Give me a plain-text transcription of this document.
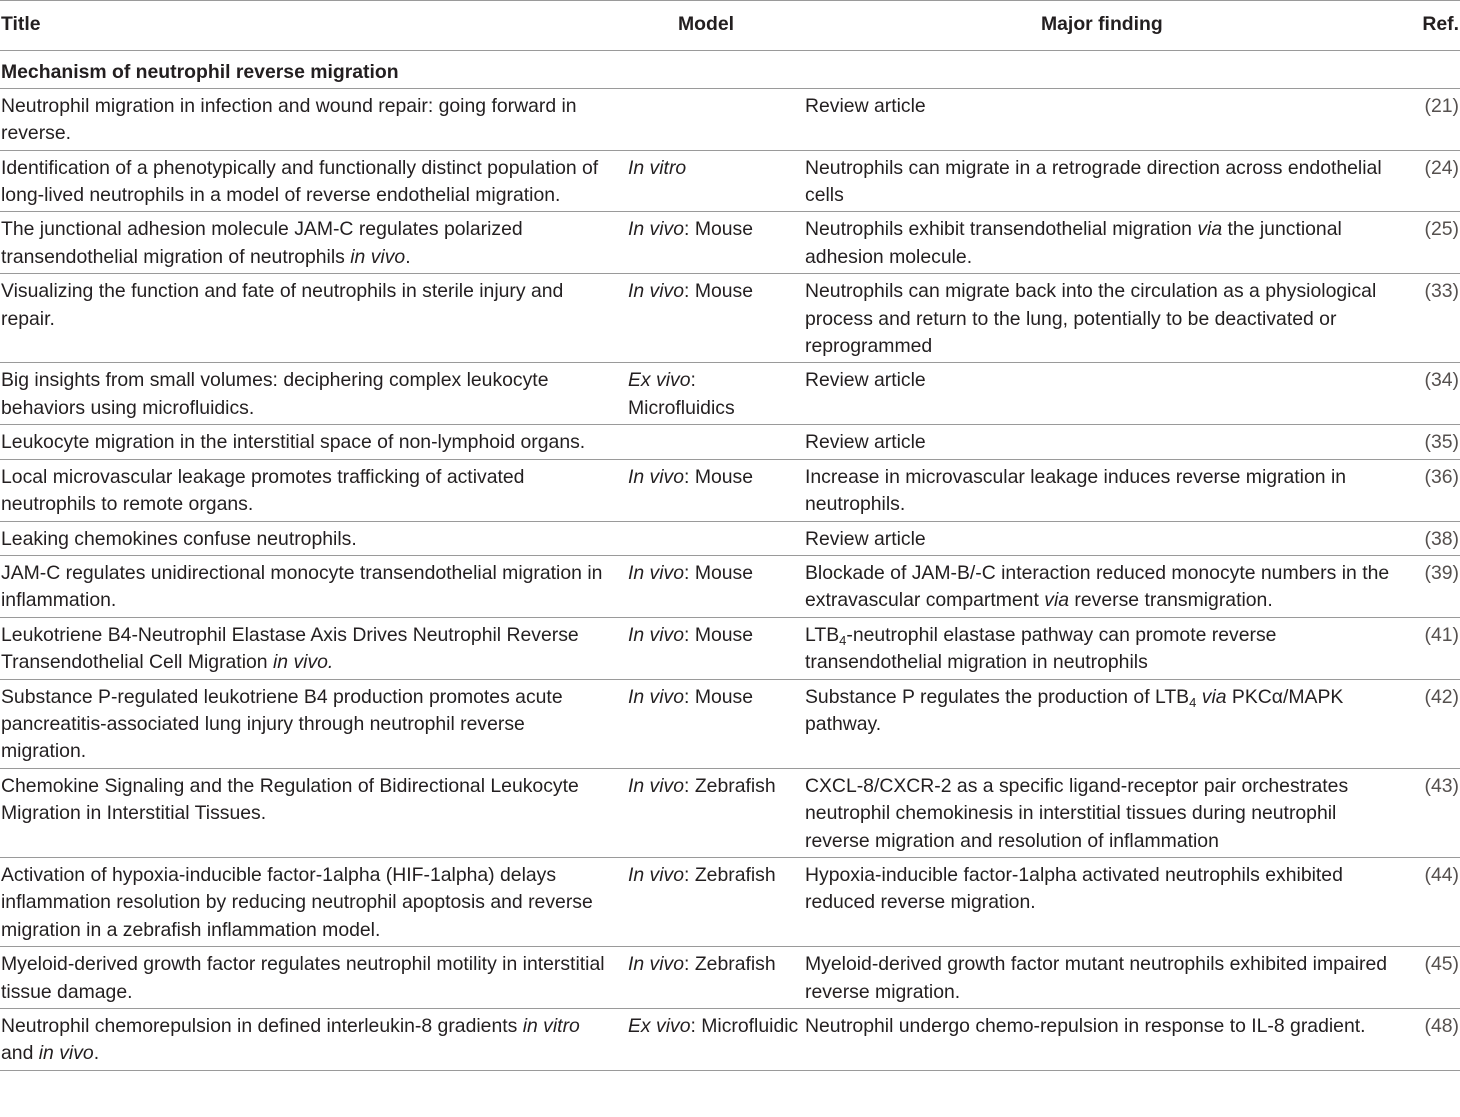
Title	Model	Major finding	Ref.
Mechanism of neutrophil reverse migration			
Neutrophil migration in infection and wound repair: going forward in reverse.		Review article	(21)
Identification of a phenotypically and functionally distinct population of long-lived neutrophils in a model of reverse endothelial migration.	In vitro	Neutrophils can migrate in a retrograde direction across endothelial cells	(24)
The junctional adhesion molecule JAM-C regulates polarized transendothelial migration of neutrophils in vivo.	In vivo: Mouse	Neutrophils exhibit transendothelial migration via the junctional adhesion molecule.	(25)
Visualizing the function and fate of neutrophils in sterile injury and repair.	In vivo: Mouse	Neutrophils can migrate back into the circulation as a physiological process and return to the lung, potentially to be deactivated or reprogrammed	(33)
Big insights from small volumes: deciphering complex leukocyte behaviors using microfluidics.	Ex vivo: Microfluidics	Review article	(34)
Leukocyte migration in the interstitial space of non-lymphoid organs.		Review article	(35)
Local microvascular leakage promotes trafficking of activated neutrophils to remote organs.	In vivo: Mouse	Increase in microvascular leakage induces reverse migration in neutrophils.	(36)
Leaking chemokines confuse neutrophils.		Review article	(38)
JAM-C regulates unidirectional monocyte transendothelial migration in inflammation.	In vivo: Mouse	Blockade of JAM-B/-C interaction reduced monocyte numbers in the extravascular compartment via reverse transmigration.	(39)
Leukotriene B4-Neutrophil Elastase Axis Drives Neutrophil Reverse Transendothelial Cell Migration in vivo.	In vivo: Mouse	$LTB_4$-neutrophil elastase pathway can promote reverse transendothelial migration in neutrophils	(41)
Substance P-regulated leukotriene B4 production promotes acute pancreatitis-associated lung injury through neutrophil reverse migration.	In vivo: Mouse	Substance P regulates the production of $LTB_4$ via PKCα/MAPK pathway.	(42)
Chemokine Signaling and the Regulation of Bidirectional Leukocyte Migration in Interstitial Tissues.	In vivo: Zebrafish	CXCL-8/CXCR-2 as a specific ligand-receptor pair orchestrates neutrophil chemokinesis in interstitial tissues during neutrophil reverse migration and resolution of inflammation	(43)
Activation of hypoxia-inducible factor-1alpha (HIF-1alpha) delays inflammation resolution by reducing neutrophil apoptosis and reverse migration in a zebrafish inflammation model.	In vivo: Zebrafish	Hypoxia-inducible factor-1alpha activated neutrophils exhibited reduced reverse migration.	(44)
Myeloid-derived growth factor regulates neutrophil motility in interstitial tissue damage.	In vivo: Zebrafish	Myeloid-derived growth factor mutant neutrophils exhibited impaired reverse migration.	(45)
Neutrophil chemorepulsion in defined interleukin-8 gradients in vitro and in vivo.	Ex vivo: Microfluidic	Neutrophil undergo chemo-repulsion in response to IL-8 gradient.	(48)
